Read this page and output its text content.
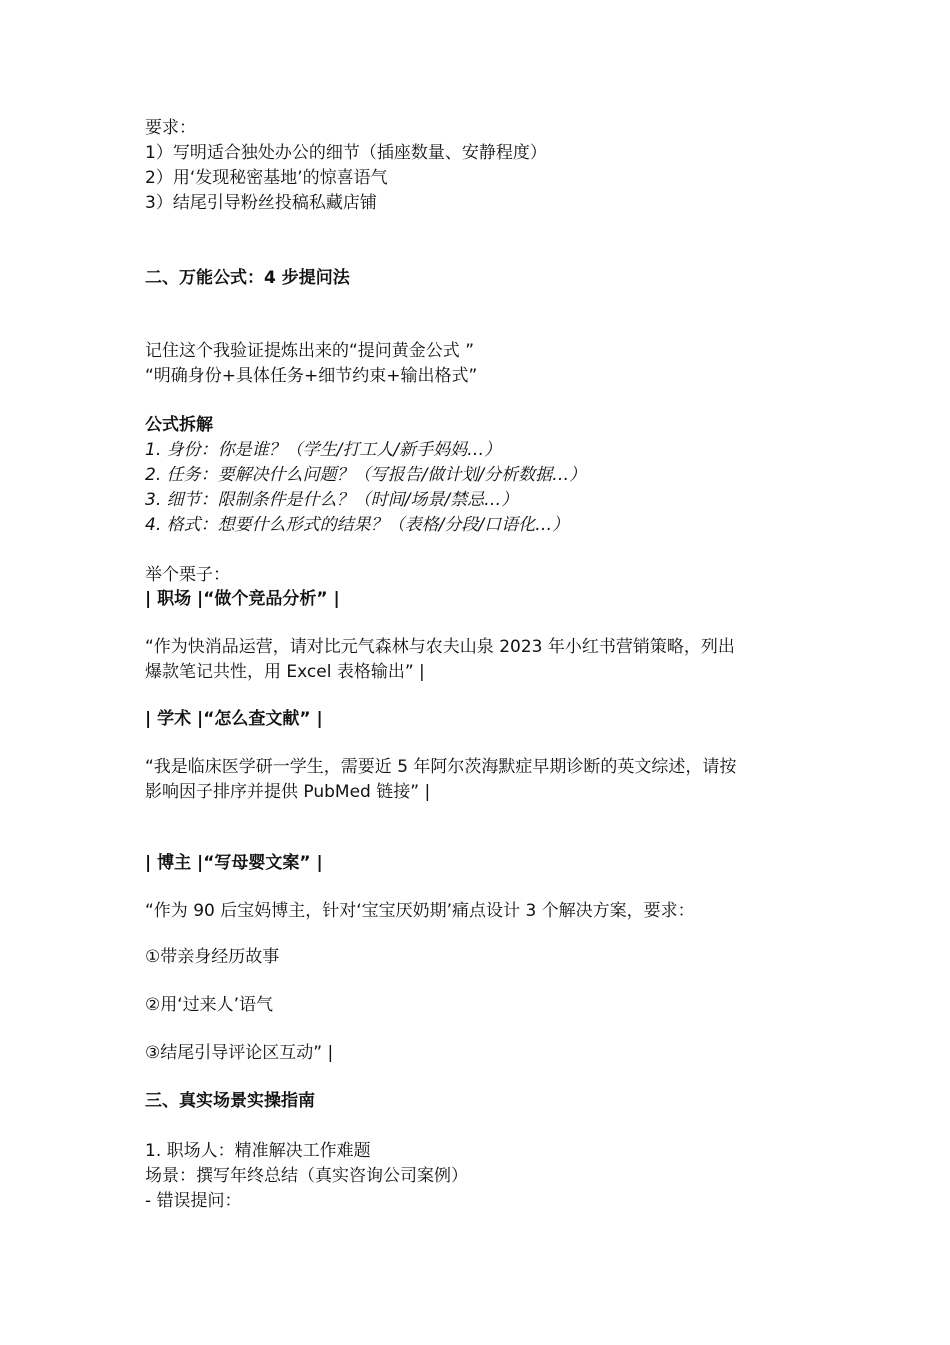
要求：
1）写明适合独处办公的细节（插座数量、安静程度）
2）用‘发现秘密基地’的惊喜语气
3）结尾引导粉丝投稿私藏店铺
二、万能公式：4 步提问法
记住这个我验证提炼出来的“提问黄金公式 ”
“明确身份+具体任务+细节约束+输出格式”
公式拆解
1. 身份：你是谁？（学生/打工人/新手妈妈…）
2. 任务：要解决什么问题？（写报告/做计划/分析数据…）
3. 细节：限制条件是什么？（时间/场景/禁忌…）
4. 格式：想要什么形式的结果？（表格/分段/口语化…）
举个栗子：
| 职场 |“做个竞品分析” |
“作为快消品运营，请对比元气森林与农夫山泉 2023 年小红书营销策略，列出
爆款笔记共性，用 Excel 表格输出” |
| 学术 |“怎么查文献” |
“我是临床医学研一学生，需要近 5 年阿尔茨海默症早期诊断的英文综述，请按
影响因子排序并提供 PubMed 链接” |
| 博主 |“写母婴文案” |
“作为 90 后宝妈博主，针对‘宝宝厌奶期’痛点设计 3 个解决方案，要求：
①带亲身经历故事
②用‘过来人’语气
③结尾引导评论区互动” |
三、真实场景实操指南
1. 职场人：精准解决工作难题
场景：撰写年终总结（真实咨询公司案例）
- 错误提问：
